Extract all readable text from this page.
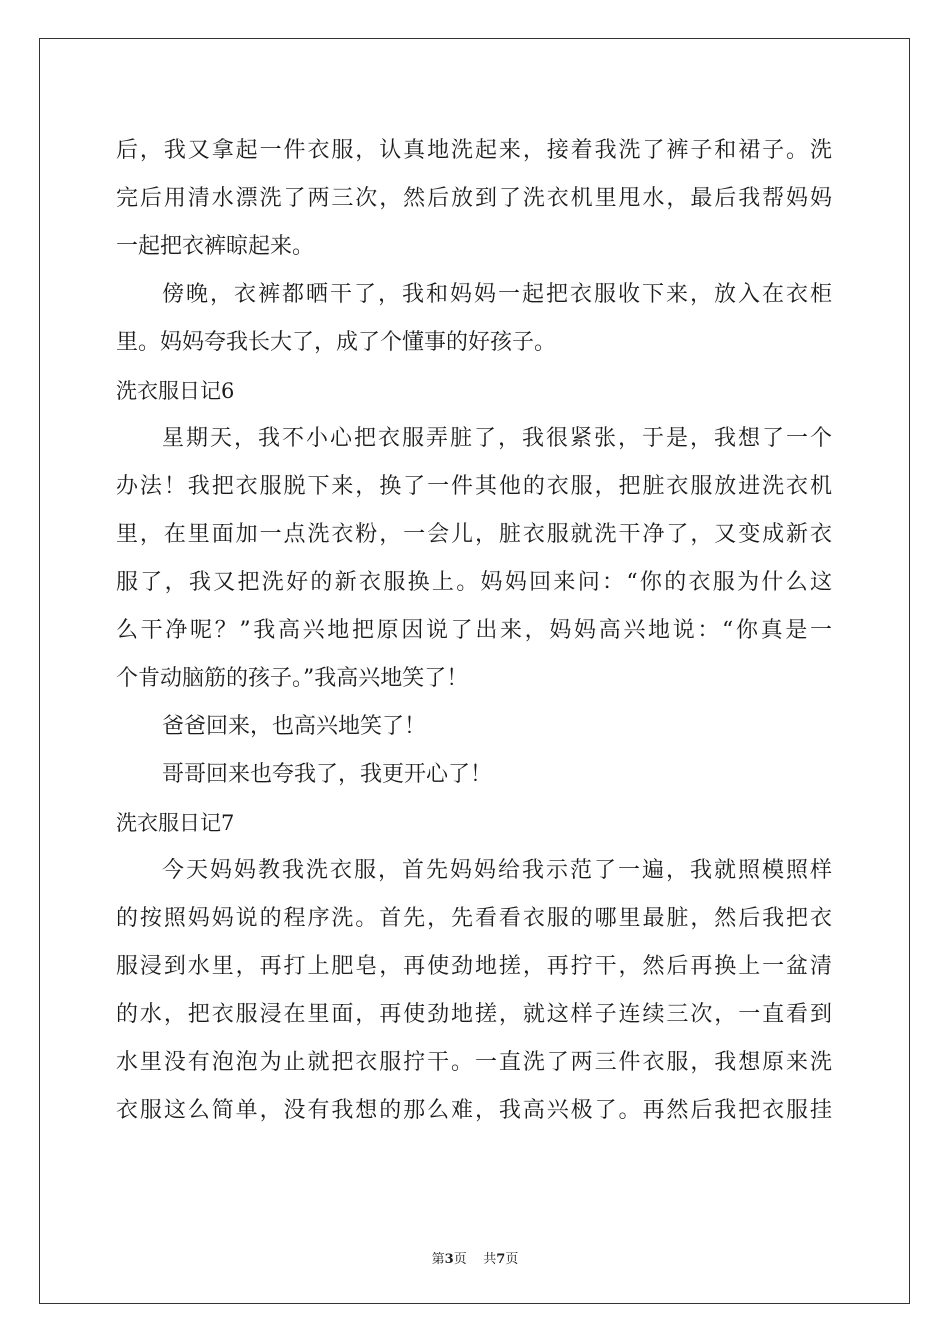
后，我又拿起一件衣服，认真地洗起来，接着我洗了裤子和裙子。洗
完后用清水漂洗了两三次，然后放到了洗衣机里甩水，最后我帮妈妈
一起把衣裤晾起来。
傍晚，衣裤都晒干了，我和妈妈一起把衣服收下来，放入在衣柜
里。妈妈夸我长大了，成了个懂事的好孩子。
洗衣服日记6
星期天，我不小心把衣服弄脏了，我很紧张，于是，我想了一个
办法！我把衣服脱下来，换了一件其他的衣服，把脏衣服放进洗衣机
里，在里面加一点洗衣粉，一会儿，脏衣服就洗干净了，又变成新衣
服了，我又把洗好的新衣服换上。妈妈回来问：“你的衣服为什么这
么干净呢？”我高兴地把原因说了出来，妈妈高兴地说：“你真是一
个肯动脑筋的孩子。”我高兴地笑了！
爸爸回来，也高兴地笑了！
哥哥回来也夸我了，我更开心了！
洗衣服日记7
今天妈妈教我洗衣服，首先妈妈给我示范了一遍，我就照模照样
的按照妈妈说的程序洗。首先，先看看衣服的哪里最脏，然后我把衣
服浸到水里，再打上肥皂，再使劲地搓，再拧干，然后再换上一盆清
的水，把衣服浸在里面，再使劲地搓，就这样子连续三次，一直看到
水里没有泡泡为止就把衣服拧干。一直洗了两三件衣服，我想原来洗
衣服这么简单，没有我想的那么难，我高兴极了。再然后我把衣服挂
第3页 共7页
